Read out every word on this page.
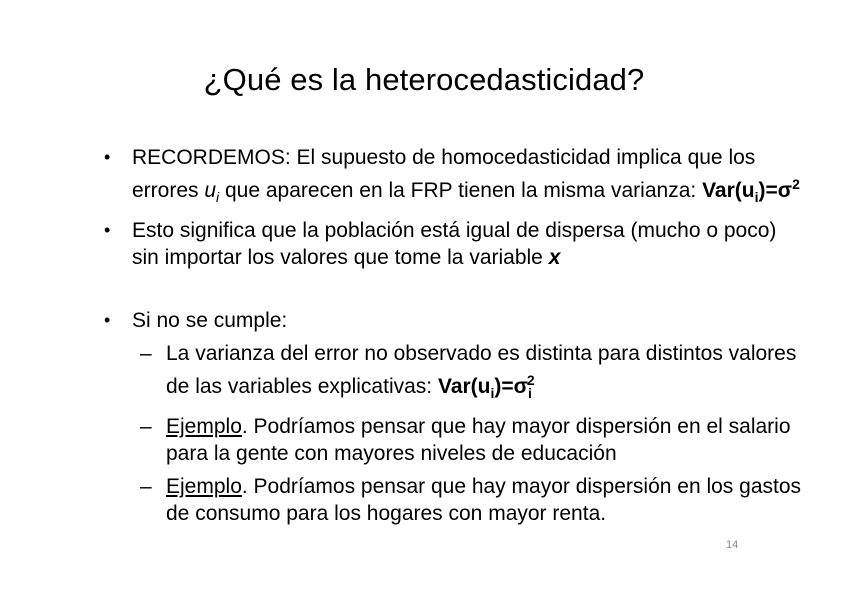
¿Qué es la heterocedasticidad?
• RECORDEMOS: El supuesto de homocedasticidad implica que los errores $u_i$ que aparecen en la FRP tienen la misma varianza: $Var(u_i)=\sigma^2$
• Esto significa que la población está igual de dispersa (mucho o poco) sin importar los valores que tome la variable x
• Si no se cumple:
– La varianza del error no observado es distinta para distintos valores de las variables explicativas: $Var(u_i)=\sigma_i^2$
– Ejemplo. Podríamos pensar que hay mayor dispersión en el salario para la gente con mayores niveles de educación
– Ejemplo. Podríamos pensar que hay mayor dispersión en los gastos de consumo para los hogares con mayor renta.
14
